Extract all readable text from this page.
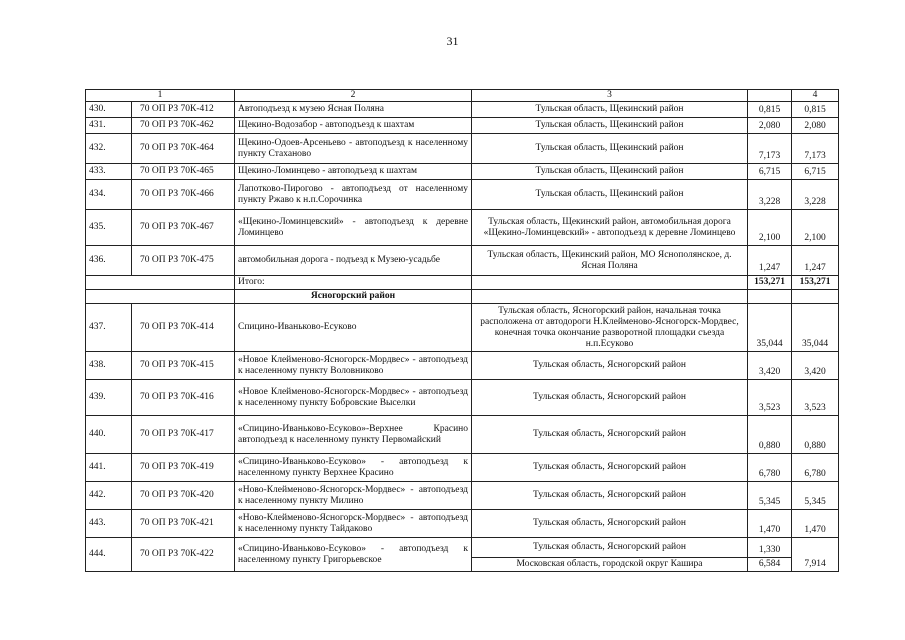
31
1		2	3		4
430.	70 ОП РЗ 70К-412	Автоподъезд к музею Ясная Поляна	Тульская область, Щекинский район	0,815	0,815
431.	70 ОП РЗ 70К-462	Щекино-Водозабор - автоподъезд к шахтам	Тульская область, Щекинский район	2,080	2,080
432.	70 ОП РЗ 70К-464	Щекино-Одоев-Арсеньево - автоподъезд к населенному пункту Стаханово	Тульская область, Щекинский район	7,173	7,173
433.	70 ОП РЗ 70К-465	Щекино-Ломинцево - автоподъезд к шахтам	Тульская область, Щекинский район	6,715	6,715
434.	70 ОП РЗ 70К-466	Лапотково-Пирогово - автоподъезд от населенному пункту Ржаво к н.п.Сорочинка	Тульская область, Щекинский район	3,228	3,228
435.	70 ОП РЗ 70К-467	«Щекино-Ломинцевский» - автоподъезд к деревне Ломинцево	Тульская область, Щекинский район, автомобильная дорога «Щекино-Ломинцевский» - автоподъезд к деревне Ломинцево	2,100	2,100
436.	70 ОП РЗ 70К-475	автомобильная дорога - подъезд к Музею-усадьбе	Тульская область, Щекинский район, МО Яснополянское, д. Ясная Поляна	1,247	1,247
		Итого:		153,271	153,271
		Ясногорский район			
437.	70 ОП РЗ 70К-414	Спицино-Иваньково-Есуково	Тульская область, Ясногорский район, начальная точка расположена от автодороги Н.Клейменово-Ясногорск-Мордвес, конечная точка окончание разворотной площадки съезда н.п.Есуково	35,044	35,044
438.	70 ОП РЗ 70К-415	«Новое Клейменово-Ясногорск-Мордвес» - автоподъезд к населенному пункту Воловниково	Тульская область, Ясногорский район	3,420	3,420
439.	70 ОП РЗ 70К-416	«Новое Клейменово-Ясногорск-Мордвес» - автоподъезд к населенному пункту Бобровские Выселки	Тульская область, Ясногорский район	3,523	3,523
440.	70 ОП РЗ 70К-417	«Спицино-Иваньково-Есуково»-Верхнее Красино автоподъезд к населенному пункту Первомайский	Тульская область, Ясногорский район	0,880	0,880
441.	70 ОП РЗ 70К-419	«Спицино-Иваньково-Есуково» - автоподъезд к населенному пункту Верхнее Красино	Тульская область, Ясногорский район	6,780	6,780
442.	70 ОП РЗ 70К-420	«Ново-Клейменово-Ясногорск-Мордвес» - автоподъезд к населенному пункту Милино	Тульская область, Ясногорский район	5,345	5,345
443.	70 ОП РЗ 70К-421	«Ново-Клейменово-Ясногорск-Мордвес» - автоподъезд к населенному пункту Тайдаково	Тульская область, Ясногорский район	1,470	1,470
444.	70 ОП РЗ 70К-422	«Спицино-Иваньково-Есуково» - автоподъезд к населенному пункту Григорьевское	Тульская область, Ясногорский район	1,330	7,914
			Московская область, городской округ Кашира	6,584	
